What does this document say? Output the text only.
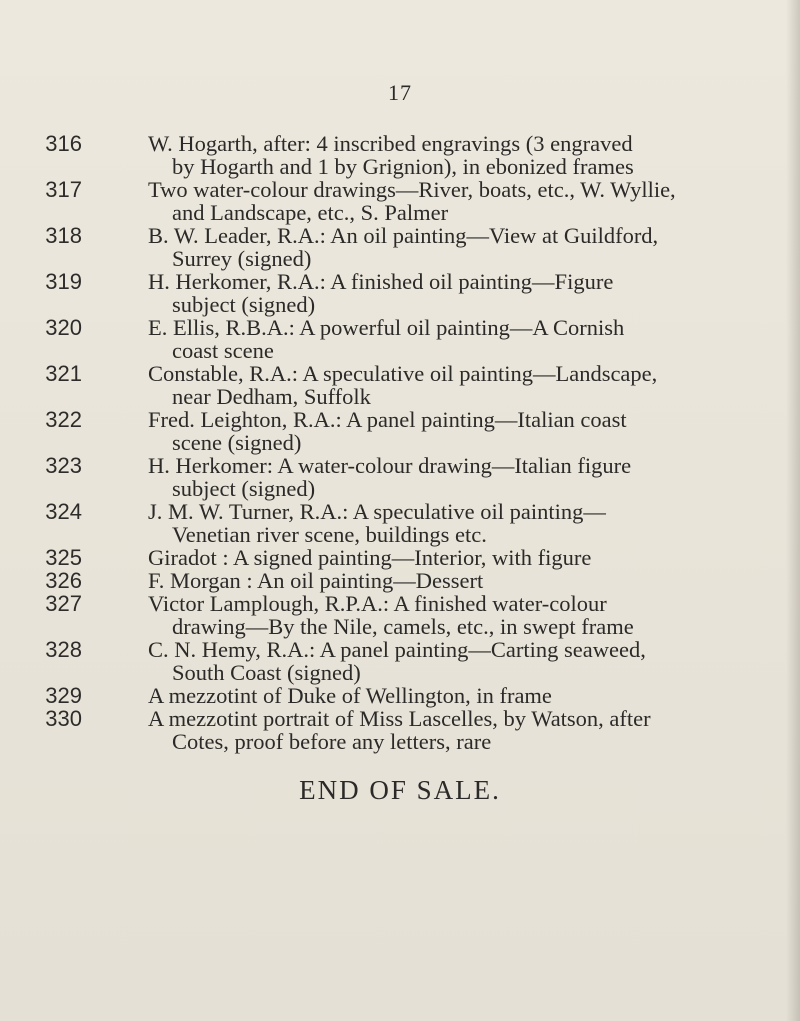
17
316	W. Hogarth, after: 4 inscribed engravings (3 engraved
by Hogarth and 1 by Grignion), in ebonized frames
317	Two water-colour drawings—River, boats, etc., W. Wyllie,
and Landscape, etc., S. Palmer
318	B. W. Leader, R.A.: An oil painting—View at Guildford,
Surrey (signed)
319	H. Herkomer, R.A.: A finished oil painting—Figure
subject (signed)
320	E. Ellis, R.B.A.: A powerful oil painting—A Cornish
coast scene
321	Constable, R.A.: A speculative oil painting—Landscape,
near Dedham, Suffolk
322	Fred. Leighton, R.A.: A panel painting—Italian coast
scene (signed)
323	H. Herkomer: A water-colour drawing—Italian figure
subject (signed)
324	J. M. W. Turner, R.A.: A speculative oil painting—
Venetian river scene, buildings etc.
325	Giradot : A signed painting—Interior, with figure
326	F. Morgan : An oil painting—Dessert
327	Victor Lamplough, R.P.A.: A finished water-colour
drawing—By the Nile, camels, etc., in swept frame
328	C. N. Hemy, R.A.: A panel painting—Carting seaweed,
South Coast (signed)
329	A mezzotint of Duke of Wellington, in frame
330	A mezzotint portrait of Miss Lascelles, by Watson, after
Cotes, proof before any letters, rare
END OF SALE.
